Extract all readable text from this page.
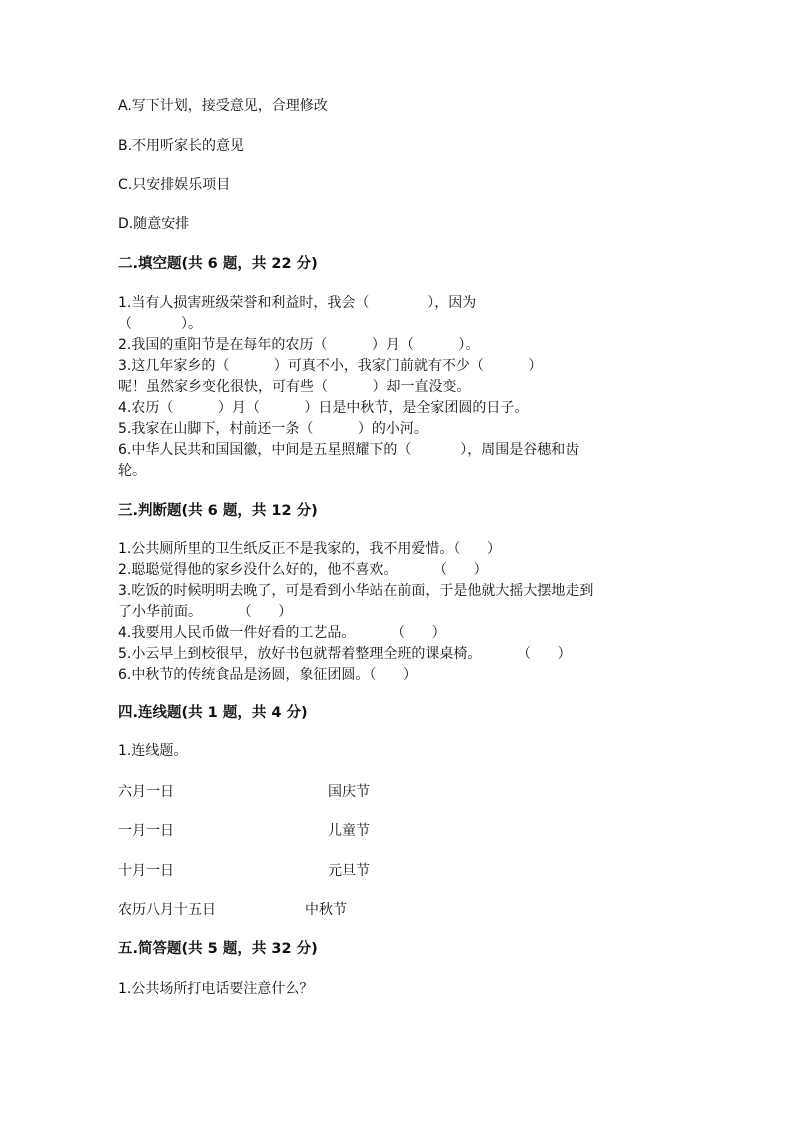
A.写下计划，接受意见，合理修改
B.不用听家长的意见
C.只安排娱乐项目
D.随意安排
二.填空题(共 6 题，共 22 分)
1.当有人损害班级荣誉和利益时，我会（             ），因为
（           ）。
2.我国的重阳节是在每年的农历（          ）月（          ）。
3.这几年家乡的（          ）可真不小，我家门前就有不少（          ）
呢！虽然家乡变化很快，可有些（          ）却一直没变。
4.农历（          ）月（          ）日是中秋节，是全家团圆的日子。
5.我家在山脚下，村前还一条（          ）的小河。
6.中华人民共和国国徽，中间是五星照耀下的（           ），周围是谷穗和齿
轮。
三.判断题(共 6 题，共 12 分)
1.公共厕所里的卫生纸反正不是我家的，我不用爱惜。（      ）
2.聪聪觉得他的家乡没什么好的，他不喜欢。        （      ）
3.吃饭的时候明明去晚了，可是看到小华站在前面，于是他就大摇大摆地走到
了小华前面。        （      ）
4.我要用人民币做一件好看的工艺品。        （      ）
5.小云早上到校很早，放好书包就帮着整理全班的课桌椅。        （      ）
6.中秋节的传统食品是汤圆，象征团圆。（      ）
四.连线题(共 1 题，共 4 分)
1.连线题。
六月一日	国庆节
一月一日	儿童节
十月一日	元旦节
农历八月十五日	中秋节
五.简答题(共 5 题，共 32 分)
1.公共场所打电话要注意什么？
